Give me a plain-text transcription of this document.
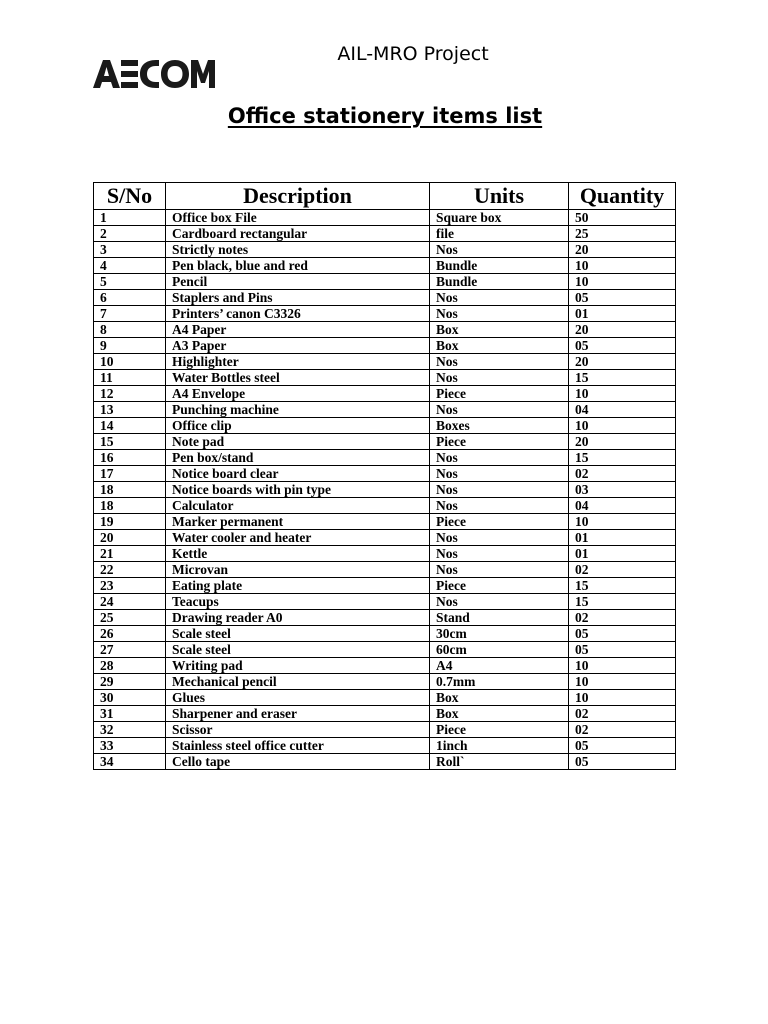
AIL-MRO Project
Office stationery items list
S/No	Description	Units	Quantity
1	Office box File	Square box	50
2	Cardboard rectangular	file	25
3	Strictly notes	Nos	20
4	Pen black, blue and red	Bundle	10
5	Pencil	Bundle	10
6	Staplers and Pins	Nos	05
7	Printers’ canon C3326	Nos	01
8	A4 Paper	Box	20
9	A3 Paper	Box	05
10	Highlighter	Nos	20
11	Water Bottles steel	Nos	15
12	A4 Envelope	Piece	10
13	Punching machine	Nos	04
14	Office clip	Boxes	10
15	Note pad	Piece	20
16	Pen box/stand	Nos	15
17	Notice board clear	Nos	02
18	Notice boards with pin type	Nos	03
18	Calculator	Nos	04
19	Marker permanent	Piece	10
20	Water cooler and heater	Nos	01
21	Kettle	Nos	01
22	Microvan	Nos	02
23	Eating plate	Piece	15
24	Teacups	Nos	15
25	Drawing reader A0	Stand	02
26	Scale steel	30cm	05
27	Scale steel	60cm	05
28	Writing pad	A4	10
29	Mechanical pencil	0.7mm	10
30	Glues	Box	10
31	Sharpener and eraser	Box	02
32	Scissor	Piece	02
33	Stainless steel office cutter	1inch	05
34	Cello tape	Roll`	05
